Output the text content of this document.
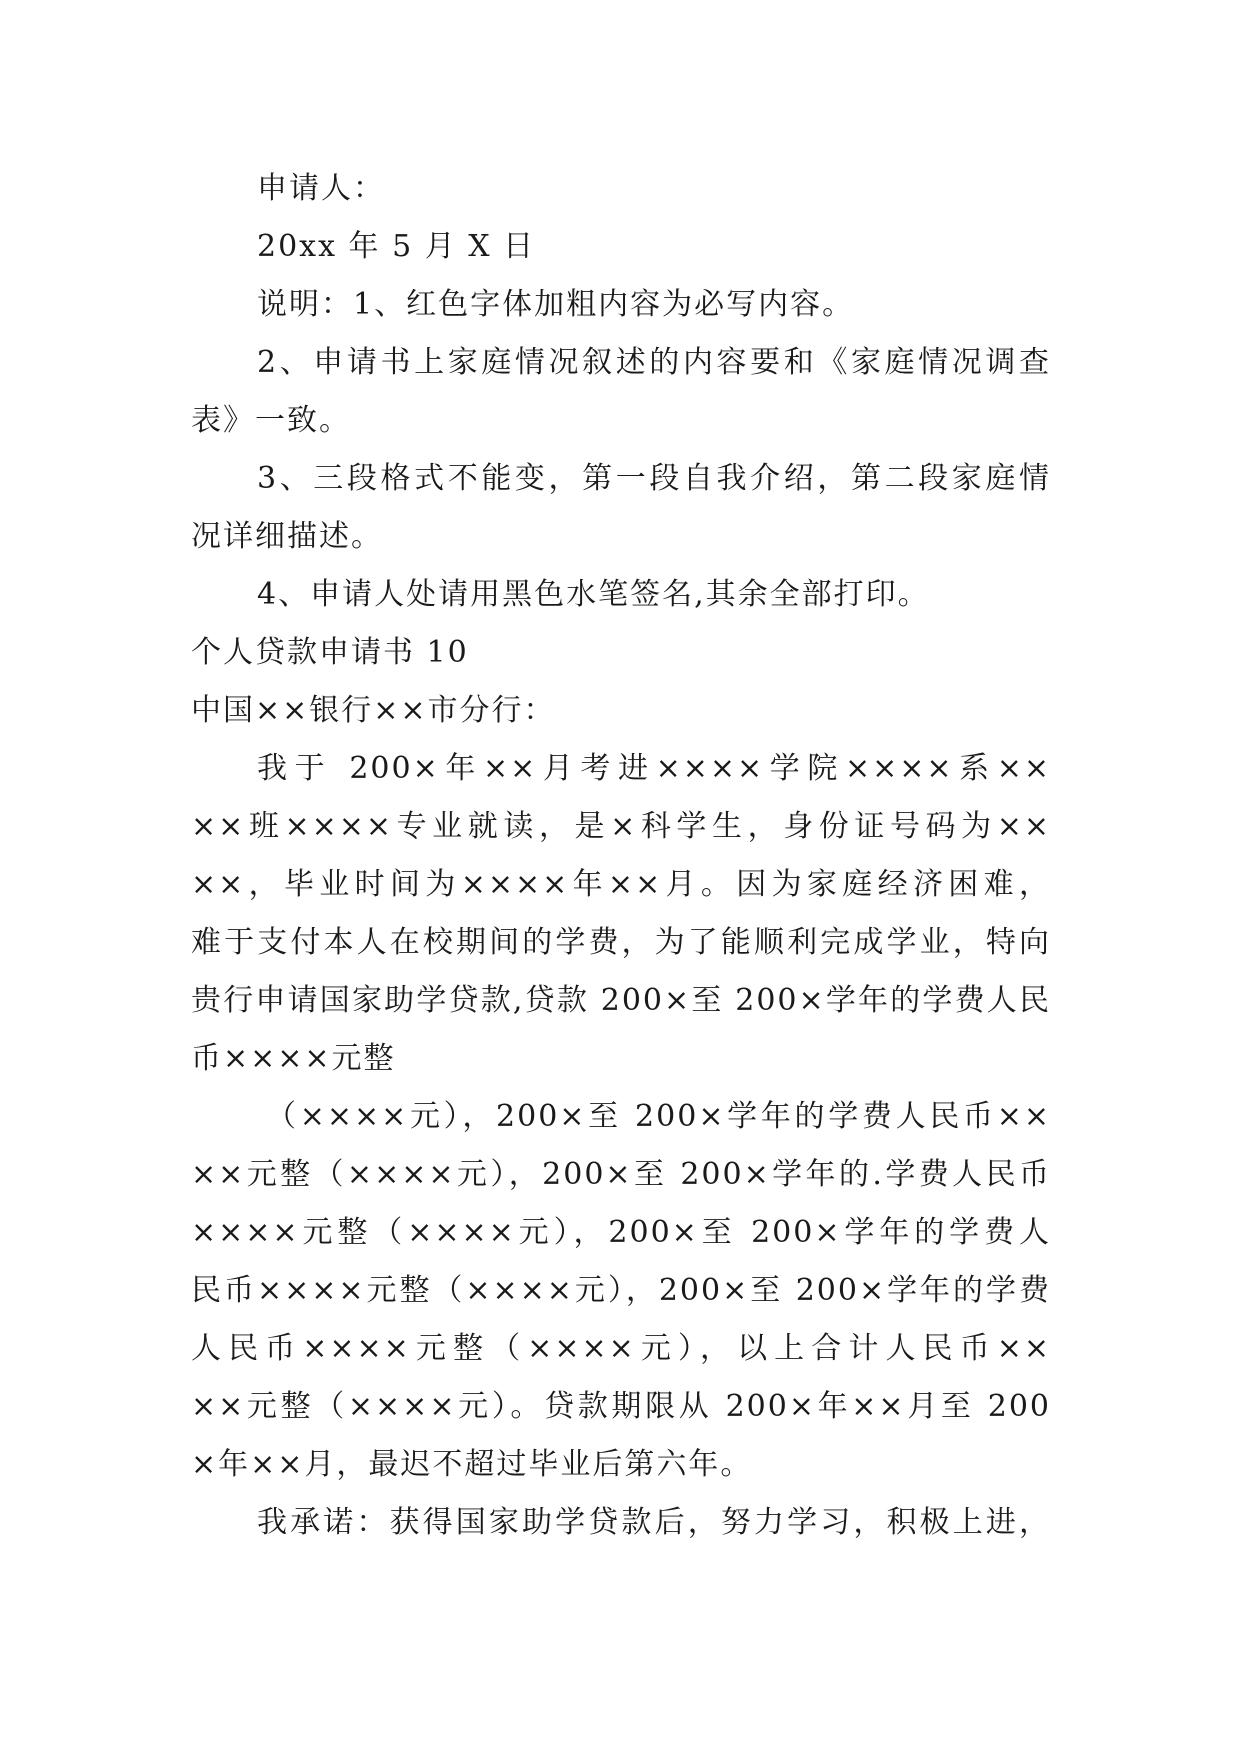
申请人：
20xx 年 5 月 X 日
说明：1、红色字体加粗内容为必写内容。
2、申请书上家庭情况叙述的内容要和《家庭情况调查
表》一致。
3、三段格式不能变，第一段自我介绍，第二段家庭情
况详细描述。
4、申请人处请用黑色水笔签名,其余全部打印。
个人贷款申请书 10
中国××银行××市分行：
我于 200×年××月考进××××学院××××系××
××班××××专业就读，是×科学生，身份证号码为××
××，毕业时间为××××年××月。因为家庭经济困难，
难于支付本人在校期间的学费，为了能顺利完成学业，特向
贵行申请国家助学贷款,贷款 200×至 200×学年的学费人民
币××××元整
（××××元），200×至 200×学年的学费人民币××
××元整（××××元），200×至 200×学年的.学费人民币
××××元整（××××元），200×至 200×学年的学费人
民币××××元整（××××元），200×至 200×学年的学费
人民币××××元整（××××元），以上合计人民币××
××元整（××××元）。贷款期限从 200×年××月至 200
×年××月，最迟不超过毕业后第六年。
我承诺：获得国家助学贷款后，努力学习，积极上进，
